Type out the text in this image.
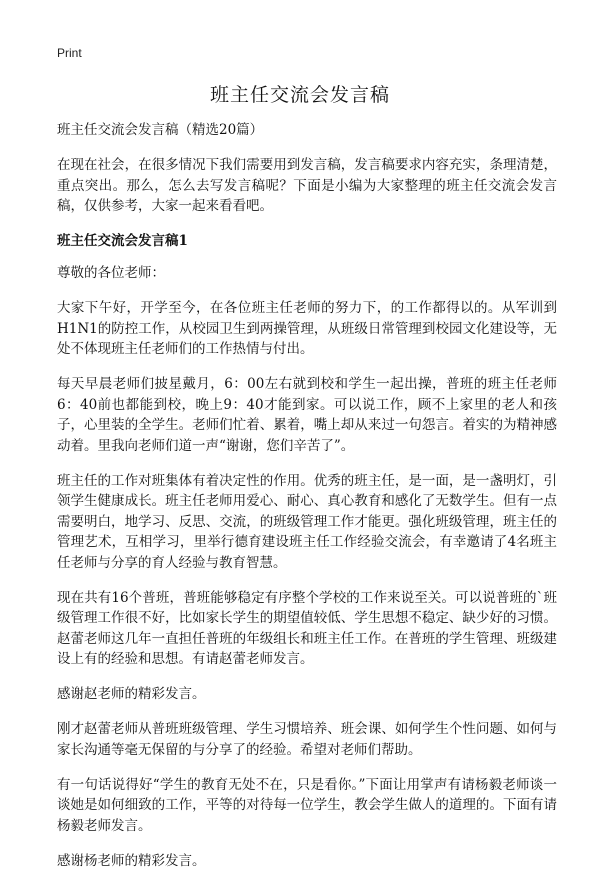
Print
班主任交流会发言稿

班主任交流会发言稿（精选20篇）

在现在社会，在很多情况下我们需要用到发言稿，发言稿要求内容充实，条理清楚，重点突出。那么，怎么去写发言稿呢？下面是小编为大家整理的班主任交流会发言稿，仅供参考，大家一起来看看吧。

班主任交流会发言稿1

尊敬的各位老师：

大家下午好，开学至今，在各位班主任老师的努力下，的工作都得以的。从军训到H1N1的防控工作，从校园卫生到两操管理，从班级日常管理到校园文化建设等，无处不体现班主任老师们的工作热情与付出。

每天早晨老师们披星戴月，6：00左右就到校和学生一起出操，普班的班主任老师6：40前也都能到校，晚上9：40才能到家。可以说工作，顾不上家里的老人和孩子，心里装的全学生。老师们忙着、累着，嘴上却从来过一句怨言。着实的为精神感动着。里我向老师们道一声“谢谢，您们辛苦了”。

班主任的工作对班集体有着决定性的作用。优秀的班主任，是一面，是一盏明灯，引领学生健康成长。班主任老师用爱心、耐心、真心教育和感化了无数学生。但有一点需要明白，地学习、反思、交流，的班级管理工作才能更。强化班级管理，班主任的管理艺术，互相学习，里举行德育建设班主任工作经验交流会，有幸邀请了4名班主任老师与分享的育人经验与教育智慧。

现在共有16个普班，普班能够稳定有序整个学校的工作来说至关。可以说普班的`班级管理工作很不好，比如家长学生的期望值较低、学生思想不稳定、缺少好的习惯。赵蕾老师这几年一直担任普班的年级组长和班主任工作。在普班的学生管理、班级建设上有的经验和思想。有请赵蕾老师发言。

感谢赵老师的精彩发言。

刚才赵蕾老师从普班班级管理、学生习惯培养、班会课、如何学生个性问题、如何与家长沟通等毫无保留的与分享了的经验。希望对老师们帮助。

有一句话说得好“学生的教育无处不在，只是看你。”下面让用掌声有请杨毅老师谈一谈她是如何细致的工作，平等的对待每一位学生，教会学生做人的道理的。下面有请杨毅老师发言。

感谢杨老师的精彩发言。
